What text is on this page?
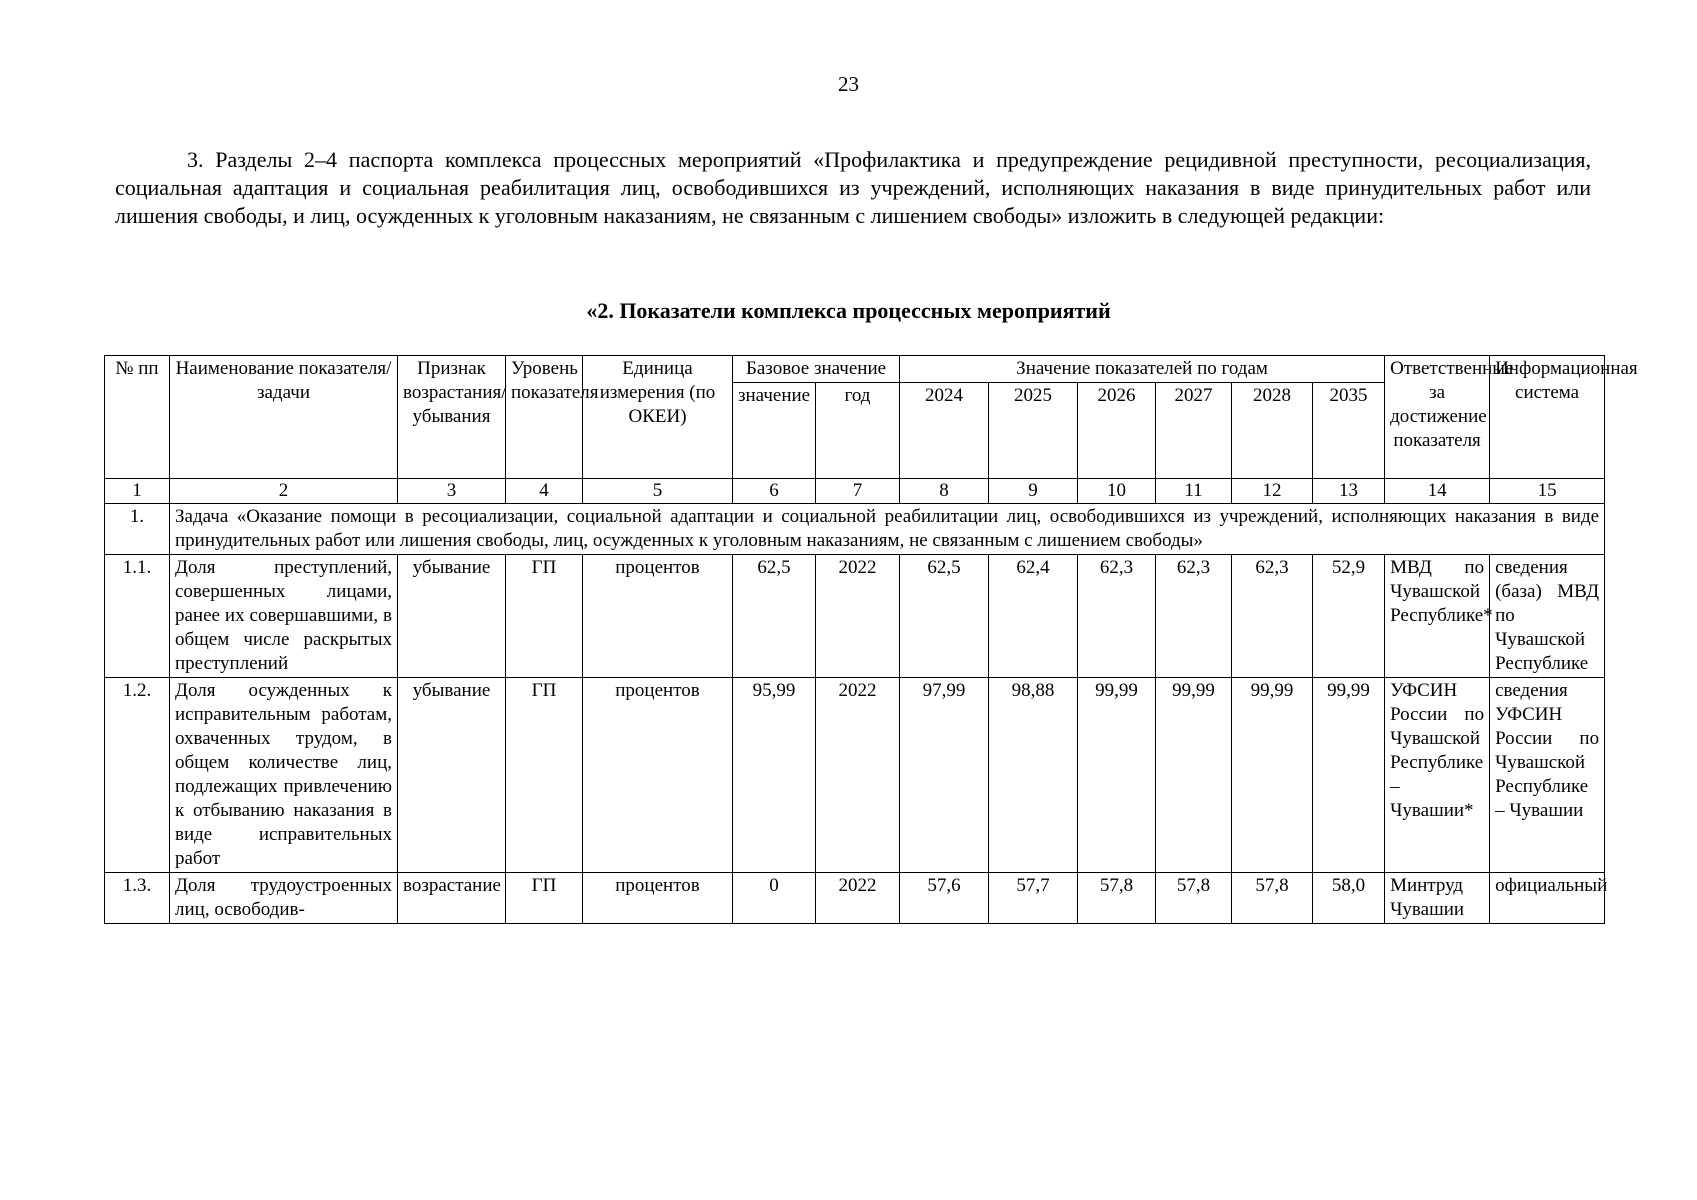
23

3. Разделы 2–4 паспорта комплекса процессных мероприятий «Профилактика и предупреждение рецидивной преступности, ресоциализация, социальная адаптация и социальная реабилитация лиц, освободившихся из учреждений, исполняющих наказания в виде принудительных работ или лишения свободы, и лиц, осужденных к уголовным наказаниям, не связанным с лишением свободы» изложить в следующей редакции:

«2. Показатели комплекса процессных мероприятий
№ пп	Наименование показателя/задачи	Признак возрастания/ убывания	Уровень показателя	Единица измерения (по ОКЕИ)	Базовое значение		Значение показателей по годам						Ответственные за достижение показателя	Информационная система
					значение	год	2024	2025	2026	2027	2028	2035		
1	2	3	4	5	6	7	8	9	10	11	12	13	14	15
1.	Задача «Оказание помощи в ресоциализации, социальной адаптации и социальной реабилитации лиц, освободившихся из учреждений, исполняющих наказания в виде принудительных работ или лишения свободы, лиц, осужденных к уголовным наказаниям, не связанным с лишением свободы»													
1.1.	Доля преступлений, совершенных лицами, ранее их совершавшими, в общем числе раскрытых преступлений	убывание	ГП	процентов	62,5	2022	62,5	62,4	62,3	62,3	62,3	52,9	МВД по Чувашской Республике*	сведения (база) МВД по Чувашской Республике
1.2.	Доля осужденных к исправительным работам, охваченных трудом, в общем количестве лиц, подлежащих привлечению к отбыванию наказания в виде исправительных работ	убывание	ГП	процентов	95,99	2022	97,99	98,88	99,99	99,99	99,99	99,99	УФСИН России по Чувашской Республике – Чувашии*	сведения УФСИН России по Чувашской Республике – Чувашии
1.3.	Доля трудоустроенных лиц, освободив-	возрастание	ГП	процентов	0	2022	57,6	57,7	57,8	57,8	57,8	58,0	Минтруд Чувашии	официальный
